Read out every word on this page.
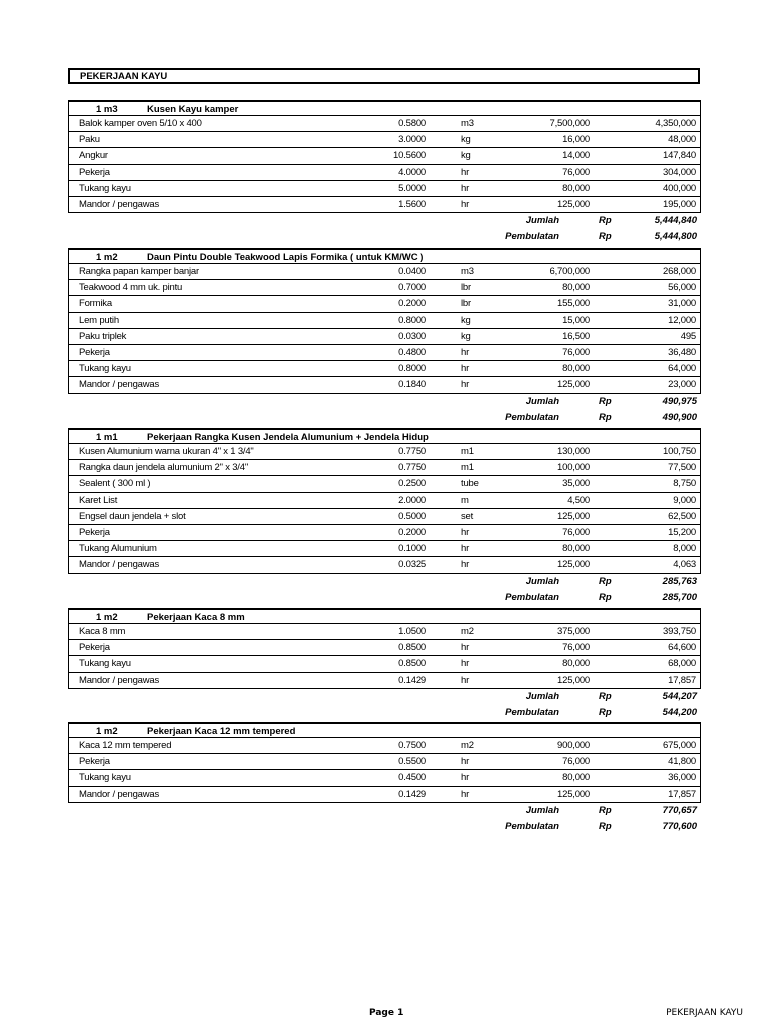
PEKERJAAN KAYU
1 m3	Kusen Kayu kamper
Balok kamper oven 5/10 x 400	0.5800	m3	7,500,000	4,350,000
Paku	3.0000	kg	16,000	48,000
Angkur	10.5600	kg	14,000	147,840
Pekerja	4.0000	hr	76,000	304,000
Tukang kayu	5.0000	hr	80,000	400,000
Mandor / pengawas	1.5600	hr	125,000	195,000
Jumlah	Rp	5,444,840
Pembulatan	Rp	5,444,800
1 m2	Daun Pintu Double Teakwood Lapis Formika ( untuk KM/WC )
Rangka papan kamper banjar	0.0400	m3	6,700,000	268,000
Teakwood 4 mm uk. pintu	0.7000	lbr	80,000	56,000
Formika	0.2000	lbr	155,000	31,000
Lem putih	0.8000	kg	15,000	12,000
Paku triplek	0.0300	kg	16,500	495
Pekerja	0.4800	hr	76,000	36,480
Tukang kayu	0.8000	hr	80,000	64,000
Mandor / pengawas	0.1840	hr	125,000	23,000
Jumlah	Rp	490,975
Pembulatan	Rp	490,900
1 m1	Pekerjaan Rangka Kusen Jendela Alumunium + Jendela Hidup
Kusen Alumunium warna ukuran 4" x 1 3/4"	0.7750	m1	130,000	100,750
Rangka daun jendela alumunium 2" x 3/4"	0.7750	m1	100,000	77,500
Sealent ( 300 ml )	0.2500	tube	35,000	8,750
Karet List	2.0000	m	4,500	9,000
Engsel daun jendela + slot	0.5000	set	125,000	62,500
Pekerja	0.2000	hr	76,000	15,200
Tukang Alumunium	0.1000	hr	80,000	8,000
Mandor / pengawas	0.0325	hr	125,000	4,063
Jumlah	Rp	285,763
Pembulatan	Rp	285,700
1 m2	Pekerjaan Kaca 8 mm
Kaca 8 mm	1.0500	m2	375,000	393,750
Pekerja	0.8500	hr	76,000	64,600
Tukang kayu	0.8500	hr	80,000	68,000
Mandor / pengawas	0.1429	hr	125,000	17,857
Jumlah	Rp	544,207
Pembulatan	Rp	544,200
1 m2	Pekerjaan Kaca 12 mm tempered
Kaca 12 mm tempered	0.7500	m2	900,000	675,000
Pekerja	0.5500	hr	76,000	41,800
Tukang kayu	0.4500	hr	80,000	36,000
Mandor / pengawas	0.1429	hr	125,000	17,857
Jumlah	Rp	770,657
Pembulatan	Rp	770,600
Page 1	PEKERJAAN KAYU
